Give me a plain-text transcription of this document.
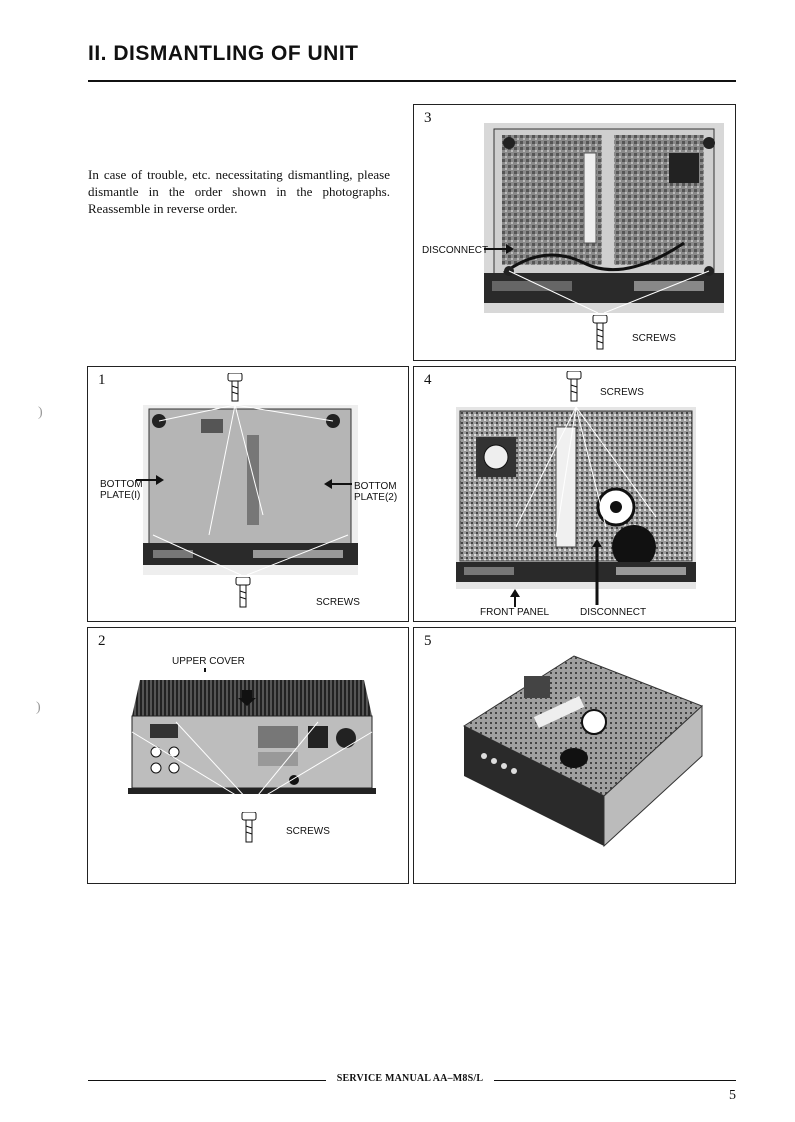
II. DISMANTLING OF UNIT
In case of trouble, etc. necessitating dismantling, please dismantle in the order shown in the photographs. Reassemble in reverse order.
)
)
3
DISCONNECT
SCREWS
1
BOTTOM
PLATE(I)
BOTTOM
PLATE(2)
SCREWS
4
SCREWS
FRONT PANEL	DISCONNECT
2
UPPER COVER
SCREWS
5
SERVICE MANUAL AA–M8S/L
5
